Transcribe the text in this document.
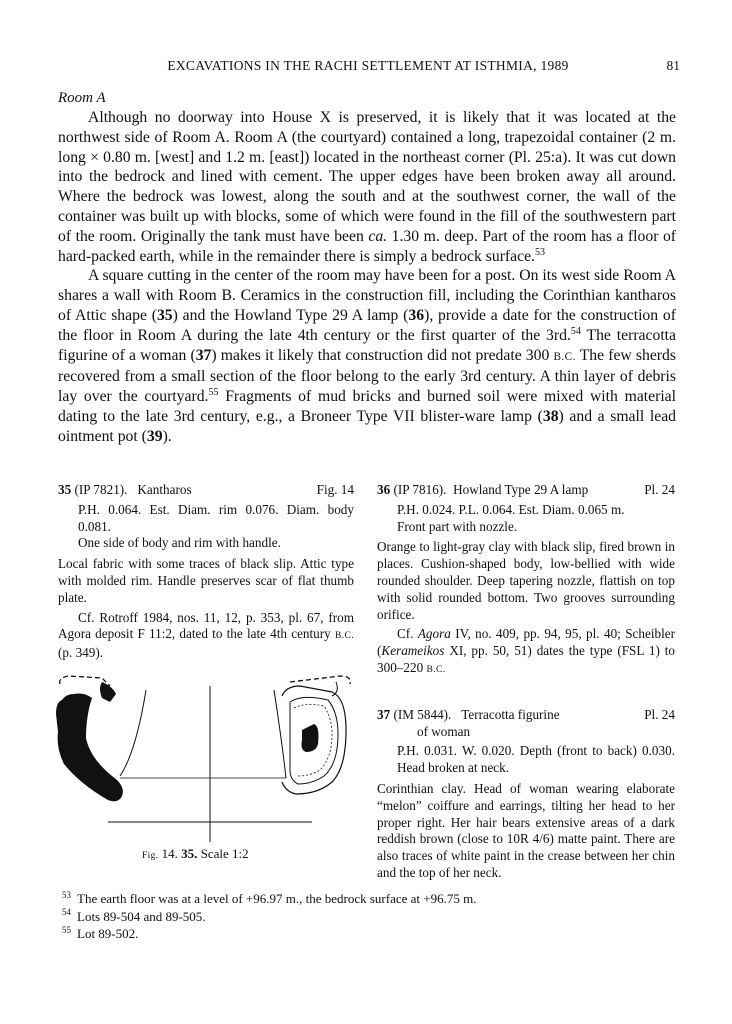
EXCAVATIONS IN THE RACHI SETTLEMENT AT ISTHMIA, 1989	81
Room A

Although no doorway into House X is preserved, it is likely that it was located at the northwest side of Room A. Room A (the courtyard) contained a long, trapezoidal container (2 m. long × 0.80 m. [west] and 1.2 m. [east]) located in the northeast corner (Pl. 25:a). It was cut down into the bedrock and lined with cement. The upper edges have been broken away all around. Where the bedrock was lowest, along the south and at the southwest corner, the wall of the container was built up with blocks, some of which were found in the fill of the southwestern part of the room. Originally the tank must have been ca. 1.30 m. deep. Part of the room has a floor of hard-packed earth, while in the remainder there is simply a bedrock surface.$^{53}$

A square cutting in the center of the room may have been for a post. On its west side Room A shares a wall with Room B. Ceramics in the construction fill, including the Corinthian kantharos of Attic shape (35) and the Howland Type 29 A lamp (36), provide a date for the construction of the floor in Room A during the late 4th century or the first quarter of the 3rd.$^{54}$ The terracotta figurine of a woman (37) makes it likely that construction did not predate 300 B.C. The few sherds recovered from a small section of the floor belong to the early 3rd century. A thin layer of debris lay over the courtyard.$^{55}$ Fragments of mud bricks and burned soil were mixed with material dating to the late 3rd century, e.g., a Broneer Type VII blister-ware lamp (38) and a small lead ointment pot (39).

35 (IP 7821). Kantharos	Fig. 14

P.H. 0.064. Est. Diam. rim 0.076. Diam. body 0.081.

One side of body and rim with handle.

Local fabric with some traces of black slip. Attic type with molded rim. Handle preserves scar of flat thumb plate.

Cf. Rotroff 1984, nos. 11, 12, p. 353, pl. 67, from Agora deposit F 11:2, dated to the late 4th century B.C. (p. 349).

36 (IP 7816). Howland Type 29 A lamp	Pl. 24

P.H. 0.024. P.L. 0.064. Est. Diam. 0.065 m.

Front part with nozzle.

Orange to light-gray clay with black slip, fired brown in places. Cushion-shaped body, low-bellied with wide rounded shoulder. Deep tapering nozzle, flattish on top with solid rounded bottom. Two grooves surrounding orifice.

Cf. Agora IV, no. 409, pp. 94, 95, pl. 40; Scheibler (Kerameikos XI, pp. 50, 51) dates the type (FSL 1) to 300–220 B.C.

37 (IM 5844). Terracotta figurine	Pl. 24
of woman

P.H. 0.031. W. 0.020. Depth (front to back) 0.030. Head broken at neck.

Corinthian clay. Head of woman wearing elaborate “melon” coiffure and earrings, tilting her head to her proper right. Her hair bears extensive areas of a dark reddish brown (close to 10R 4/6) matte paint. There are also traces of white paint in the crease between her chin and the top of her neck.

Fig. 14. 35. Scale 1:2
$^{53}$ The earth floor was at a level of +96.97 m., the bedrock surface at +96.75 m.
$^{54}$ Lots 89-504 and 89-505.
$^{55}$ Lot 89-502.
